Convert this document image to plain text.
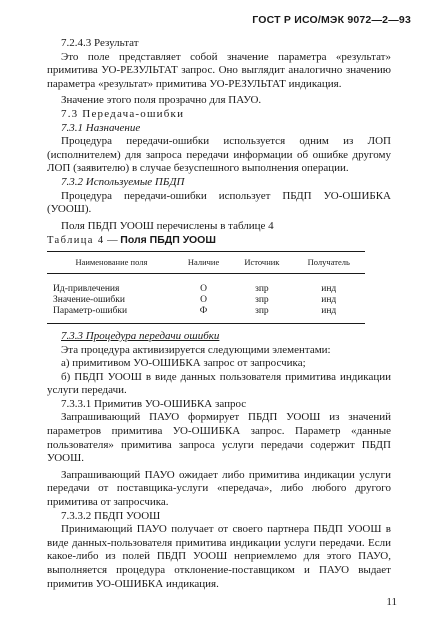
ГОСТ Р ИСО/МЭК 9072—2—93

7.2.4.3 Результат

Это поле представляет собой значение параметра «результат» примитива УО-РЕЗУЛЬТАТ запрос. Оно выглядит аналогично значению параметра «результат» примитива УО-РЕЗУЛЬТАТ индикация.

Значение этого поля прозрачно для ПАУО.

7.3 Передача-ошибки

7.3.1 Назначение

Процедура передачи-ошибки используется одним из ЛОП (исполнителем) для запроса передачи информации об ошибке другому ЛОП (заявителю) в случае безуспешного выполнения операции.

7.3.2 Используемые ПБДП

Процедура передачи-ошибки использует ПБДП УО-ОШИБКА (УООШ).

Поля ПБДП УООШ перечислены в таблице 4

Таблица 4 — Поля ПБДП УООШ

Наименование поля	Наличие	Источник	Получатель

Ид-привлечения	О	зпр	инд
Значение-ошибки	О	зпр	инд
Параметр-ошибки	Ф	зпр	инд

7.3.3 Процедура передачи ошибки

Эта процедура активизируется следующими элементами:

а) примитивом УО-ОШИБКА запрос от запросчика;

б) ПБДП УООШ в виде данных пользователя примитива индикации услуги передачи.

7.3.3.1 Примитив УО-ОШИБКА запрос

Запрашивающий ПАУО формирует ПБДП УООШ из значений параметров примитива УО-ОШИБКА запрос. Параметр «данные пользователя» примитива запроса услуги передачи содержит ПБДП УООШ.

Запрашивающий ПАУО ожидает либо примитива индикации услуги передачи от поставщика-услуги «передача», либо любого другого примитива от запросчика.

7.3.3.2 ПБДП УООШ

Принимающий ПАУО получает от своего партнера ПБДП УООШ в виде данных-пользователя примитива индикации услуги передачи. Если какое-либо из полей ПБДП УООШ неприемлемо для этого ПАУО, выполняется процедура отклонение-поставщиком и ПАУО выдает примитив УО-ОШИБКА индикация.

11
